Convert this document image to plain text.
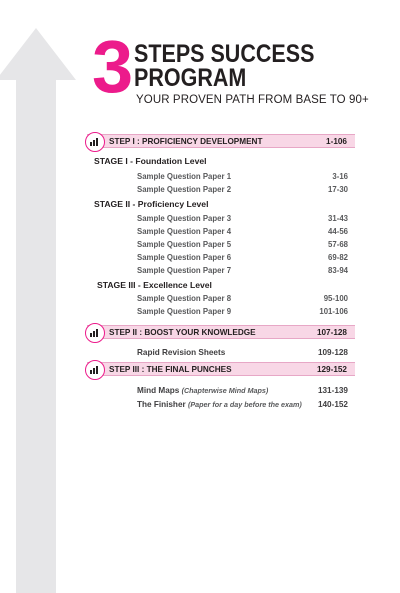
3 STEPS SUCCESS
PROGRAM
YOUR PROVEN PATH FROM BASE TO 90+
STEP I : PROFICIENCY DEVELOPMENT	1-106
STAGE I - Foundation Level
Sample Question Paper 1	3-16
Sample Question Paper 2	17-30
STAGE II - Proficiency Level
Sample Question Paper 3	31-43
Sample Question Paper 4	44-56
Sample Question Paper 5	57-68
Sample Question Paper 6	69-82
Sample Question Paper 7	83-94
STAGE III - Excellence Level
Sample Question Paper 8	95-100
Sample Question Paper 9	101-106
STEP II : BOOST YOUR KNOWLEDGE	107-128
Rapid Revision Sheets	109-128
STEP III : THE FINAL PUNCHES	129-152
Mind Maps (Chapterwise Mind Maps)	131-139
The Finisher (Paper for a day before the exam) 140-152
